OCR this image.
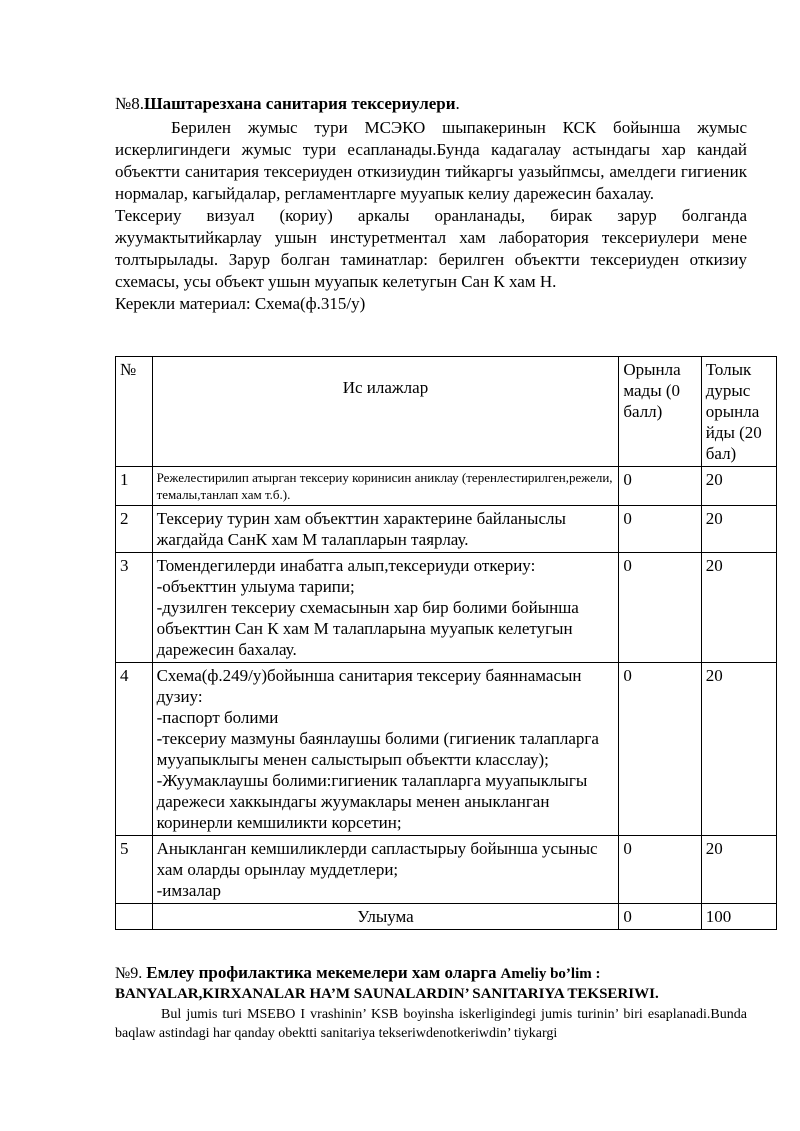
№8.Шаштарезхана санитария тексериулери.

Берилен жумыс тури МСЭКО шыпакеринын КСК бойынша жумыс искерлигиндеги жумыс тури есапланады.Бунда кадагалау астындагы хар кандай объектти санитария тексериуден откизиудин тийкаргы уазыйпмсы, амелдеги гигиеник нормалар, кагыйдалар, регламентларге мууапык келиу дарежесин бахалау.

Тексериу визуал (кориу) аркалы оранланады, бирак зарур болганда жуумактытийкарлау ушын инстуретментал хам лаборатория тексериулери мене толтырылады. Зарур болган таминатлар: берилген объектти тексериуден откизиу схемасы, усы объект ушын мууапык келетугын Сан К хам Н.

Керекли материал: Схема(ф.315/у)

№	Ис илажлар	Орынла мады (0 балл)	Толык дурыс орынла йды (20 бал)
1	Режелестирилип атырган тексериу коринисин аниклау (теренлестирилген,режели, темалы,танлап хам т.б.).	0	20
2	Тексериу турин хам объекттин характерине байланыслы жагдайда СанК хам М талапларын таярлау.	0	20
3	Томендегилерди инабатга алып,тексериуди откериу:
-объекттин улыума тарипи;
-дузилген тексериу схемасынын хар бир болими бойынша объекттин Сан К хам М талапларына мууапык келетугын дарежесин бахалау.	0	20
4	Схема(ф.249/у)бойынша санитария тексериу баяннамасын дузиу:
-паспорт болими
-тексериу мазмуны баянлаушы болими (гигиеник талапларга мууапыклыгы менен салыстырып объектти класслау);
-Жуумаклаушы болими:гигиеник талапларга мууапыклыгы дарежеси хаккындагы жуумаклары менен аныкланган коринерли кемшиликти корсетин;	0	20
5	Аныкланган кемшиликлерди сапластырыу бойынша усыныс хам оларды орынлау муддетлери;
-имзалар	0	20
	Улыума	0	100

№9. Емлеу профилактика мекемелери хам оларга Ameliy bo’lim :
BANYALAR,KIRXANALAR HA’M SAUNALARDIN’ SANITARIYA TEKSERIWI.

Bul jumis turi MSEBO I vrashinin’ KSB boyinsha iskerligindegi jumis turinin’ biri esaplanadi.Bunda baqlaw astindagi har qanday obektti sanitariya tekseriwdenotkeriwdin’ tiykargi
